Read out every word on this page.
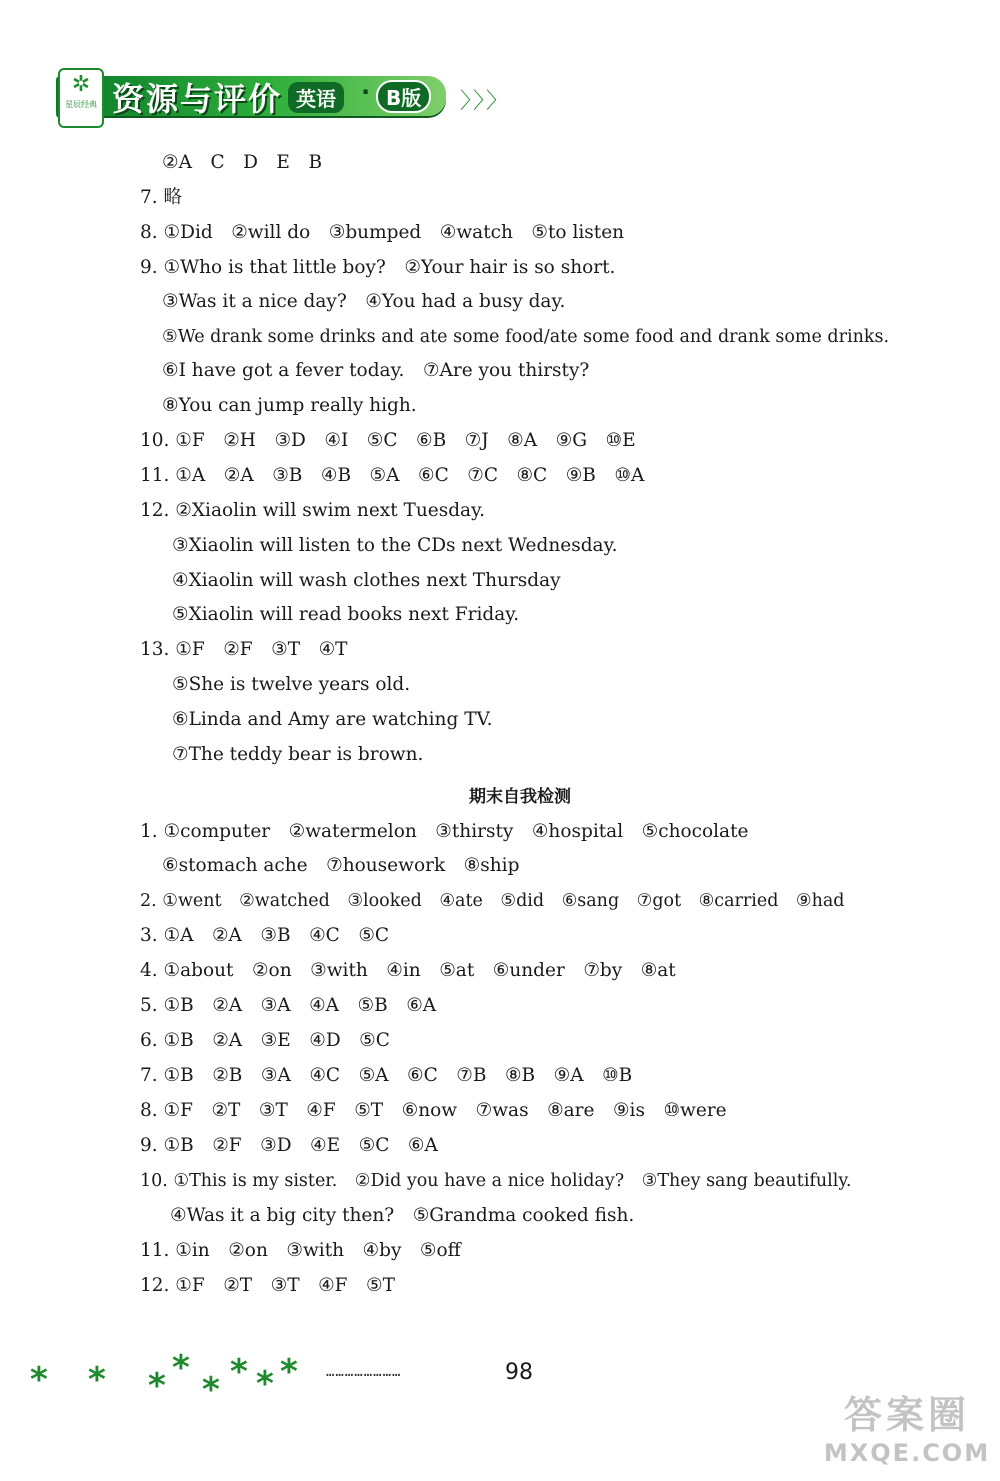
✲
星辰经典 资源与评价 英语	· B版	〉〉〉
②A　C　D　E　B
7. 略
8. ①Did　②will do　③bumped　④watch　⑤to listen
9. ①Who is that little boy?　②Your hair is so short.
③Was it a nice day?　④You had a busy day.
⑤We drank some drinks and ate some food/ate some food and drank some drinks.
⑥I have got a fever today.　⑦Are you thirsty?
⑧You can jump really high.
10. ①F　②H　③D　④I　⑤C　⑥B　⑦J　⑧A　⑨G　⑩E
11. ①A　②A　③B　④B　⑤A　⑥C　⑦C　⑧C　⑨B　⑩A
12. ②Xiaolin will swim next Tuesday.
③Xiaolin will listen to the CDs next Wednesday.
④Xiaolin will wash clothes next Thursday
⑤Xiaolin will read books next Friday.
13. ①F　②F　③T　④T
⑤She is twelve years old.
⑥Linda and Amy are watching TV.
⑦The teddy bear is brown.
期末自我检测
1. ①computer　②watermelon　③thirsty　④hospital　⑤chocolate
⑥stomach ache　⑦housework　⑧ship
2. ①went　②watched　③looked　④ate　⑤did　⑥sang　⑦got　⑧carried　⑨had
3. ①A　②A　③B　④C　⑤C
4. ①about　②on　③with　④in　⑤at　⑥under　⑦by　⑧at
5. ①B　②A　③A　④A　⑤B　⑥A
6. ①B　②A　③E　④D　⑤C
7. ①B　②B　③A　④C　⑤A　⑥C　⑦B　⑧B　⑨A　⑩B
8. ①F　②T　③T　④F　⑤T　⑥now　⑦was　⑧are　⑨is　⑩were
9. ①B　②F　③D　④E　⑤C　⑥A
10. ①This is my sister.　②Did you have a nice holiday?　③They sang beautifully.
④Was it a big city then?　⑤Grandma cooked fish.
11. ①in　②on　③with　④by　⑤off
12. ①F　②T　③T　④F　⑤T
* * * *
* * * * ……………………	98
答案圈
MXQE.COM
